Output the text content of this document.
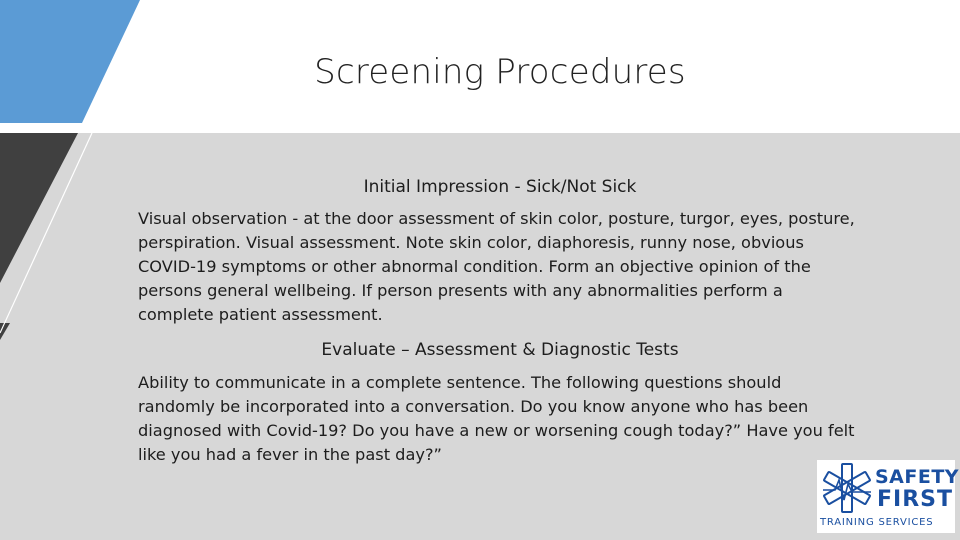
Screening Procedures
Initial Impression - Sick/Not Sick
Visual observation - at the door assessment of skin color, posture, turgor, eyes, posture, perspiration. Visual assessment. Note skin color, diaphoresis, runny nose, obvious COVID-19 symptoms or other abnormal condition. Form an objective opinion of the persons general wellbeing. If person presents with any abnormalities perform a complete patient assessment.
Evaluate – Assessment & Diagnostic Tests
Ability to communicate in a complete sentence. The following questions should randomly be incorporated into a conversation. Do you know anyone who has been diagnosed with Covid-19? Do you have a new or worsening cough today?” Have you felt like you had a fever in the past day?”
SAFETY
FIRST
TRAINING SERVICES
